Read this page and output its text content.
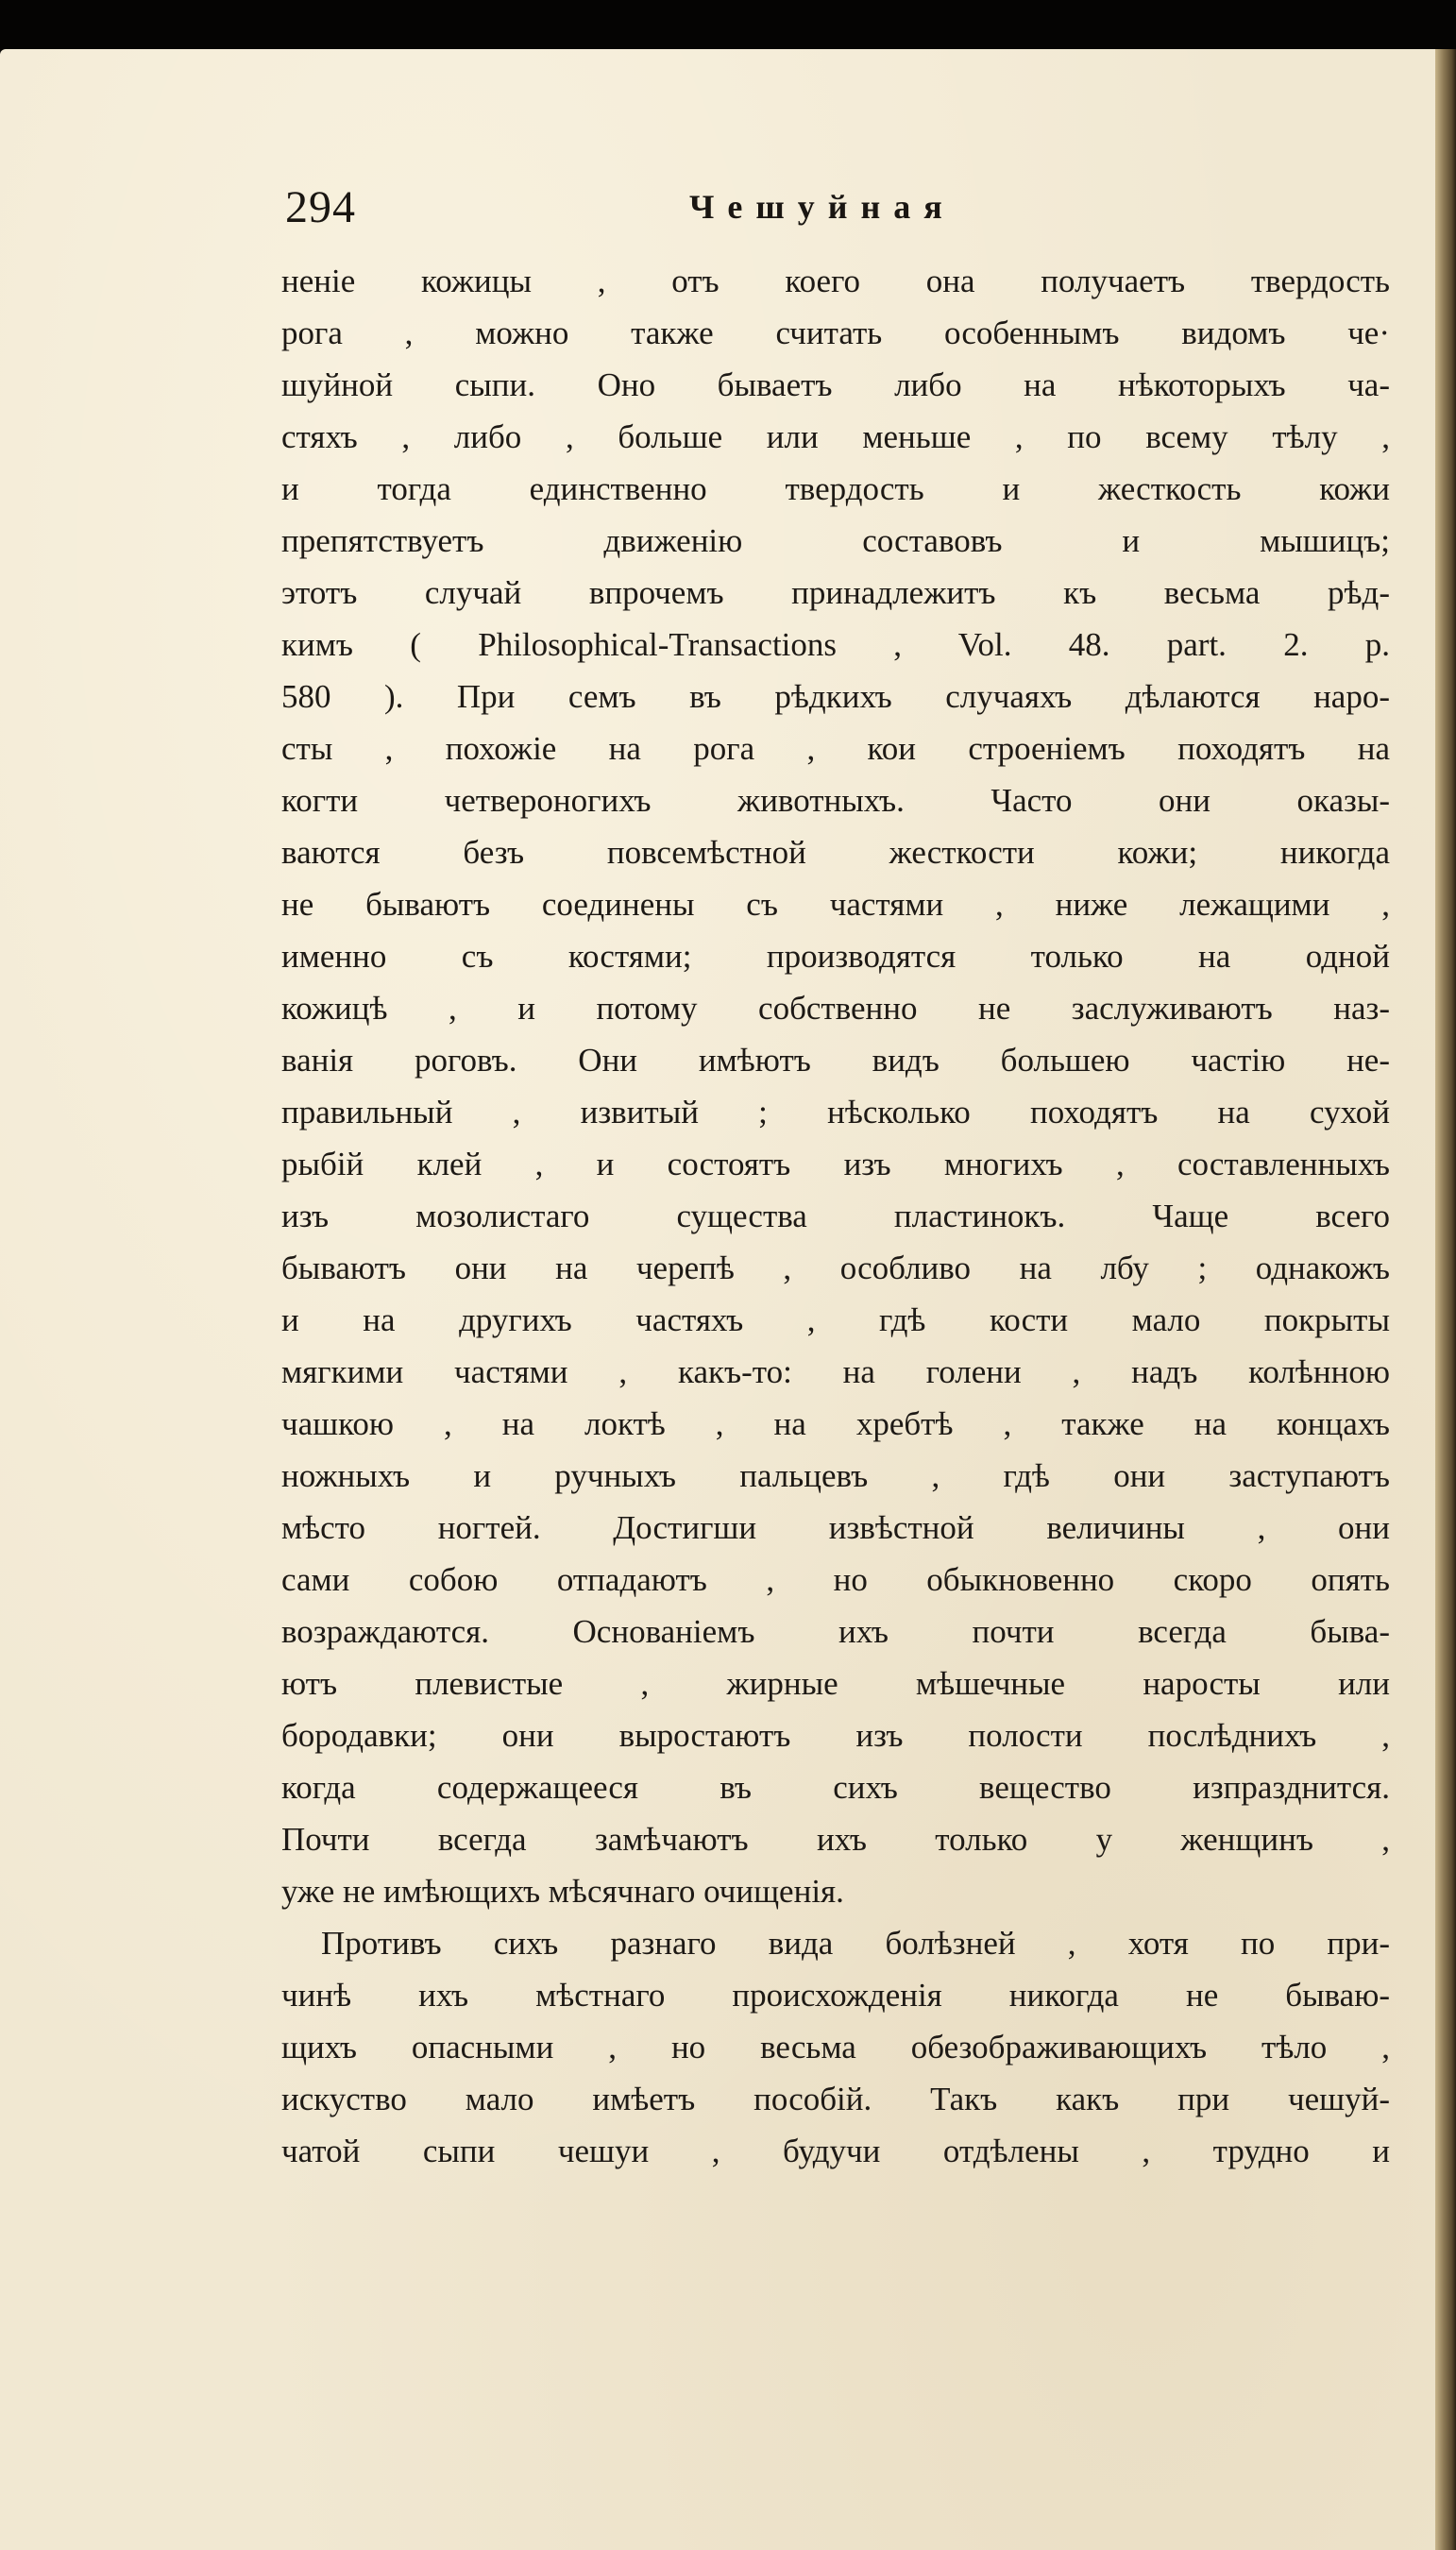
294	Чешуйная
неніе кожицы , отъ коего она получаетъ твердость
рога , можно также считать особеннымъ видомъ че·
шуйной сыпи. Оно бываетъ либо на нѣкоторыхъ ча-
стяхъ , либо , больше или меньше , по всему тѣлу ,
и тогда единственно твердость и жесткость кожи
препятствуетъ движенію составовъ и мышицъ;
этотъ случай впрочемъ принадлежитъ къ весьма рѣд-
кимъ ( Philosophical-Transactions , Vol. 48. part. 2. p.
580 ). При семъ въ рѣдкихъ случаяхъ дѣлаются наро-
сты , похожіе на рога , кои строеніемъ походятъ на
когти четвероногихъ животныхъ. Часто они оказы-
ваются безъ повсемѣстной жесткости кожи; никогда
не бываютъ соединены съ частями , ниже лежащими ,
именно съ костями; производятся только на одной
кожицѣ , и потому собственно не заслуживаютъ наз-
ванія роговъ. Они имѣютъ видъ большею частію не-
правильный , извитый ; нѣсколько походятъ на сухой
рыбій клей , и состоятъ изъ многихъ , составленныхъ
изъ мозолистаго существа пластинокъ. Чаще всего
бываютъ они на черепѣ , особливо на лбу ; однакожъ
и на другихъ частяхъ , гдѣ кости мало покрыты
мягкими частями , какъ-то: на голени , надъ колѣнною
чашкою , на локтѣ , на хребтѣ , также на концахъ
ножныхъ и ручныхъ пальцевъ , гдѣ они заступаютъ
мѣсто ногтей. Достигши извѣстной величины , они
сами собою отпадаютъ , но обыкновенно скоро опять
возраждаются. Основаніемъ ихъ почти всегда быва-
ютъ плевистые , жирные мѣшечные наросты или
бородавки; они выростаютъ изъ полости послѣднихъ ,
когда содержащееся въ сихъ вещество изпразднится.
Почти всегда замѣчаютъ ихъ только у женщинъ ,
уже не имѣющихъ мѣсячнаго очищенія.
Противъ сихъ разнаго вида болѣзней , хотя по при-
чинѣ ихъ мѣстнаго происхожденія никогда не бываю-
щихъ опасными , но весьма обезображивающихъ тѣло ,
искуство мало имѣетъ пособій. Такъ какъ при чешуй-
чатой сыпи чешуи , будучи отдѣлены , трудно и
